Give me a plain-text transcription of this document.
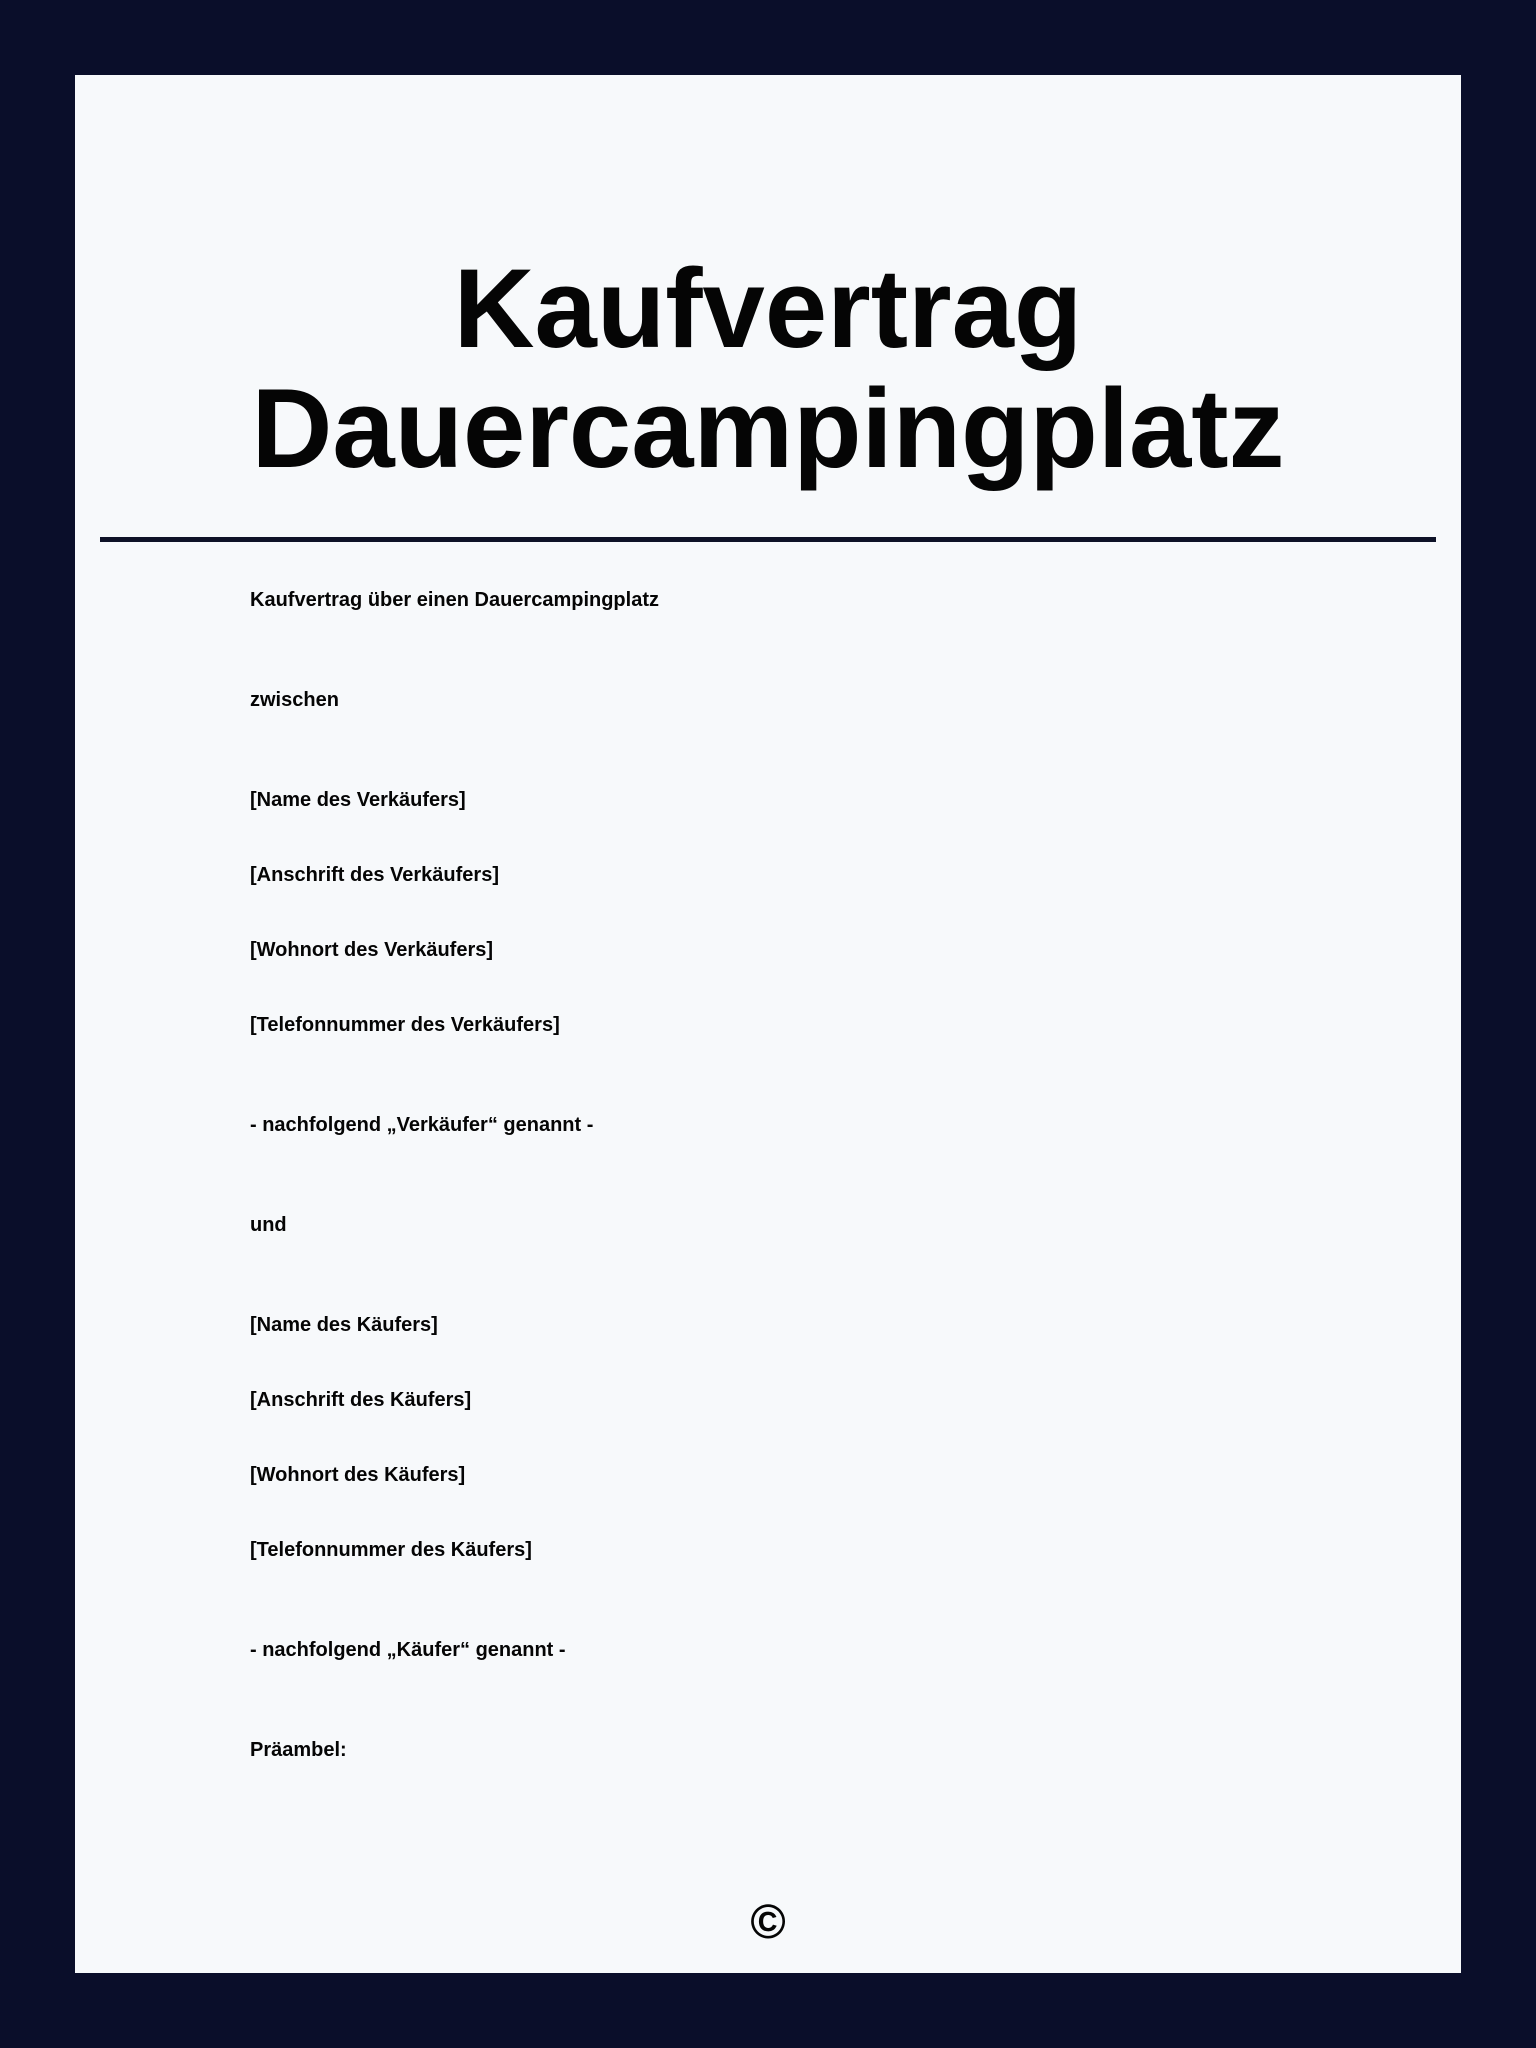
Kaufvertrag
Dauercampingplatz

Kaufvertrag über einen Dauercampingplatz

zwischen

[Name des Verkäufers]

[Anschrift des Verkäufers]

[Wohnort des Verkäufers]

[Telefonnummer des Verkäufers]

- nachfolgend „Verkäufer“ genannt -

und

[Name des Käufers]

[Anschrift des Käufers]

[Wohnort des Käufers]

[Telefonnummer des Käufers]

- nachfolgend „Käufer“ genannt -

Präambel:

©
